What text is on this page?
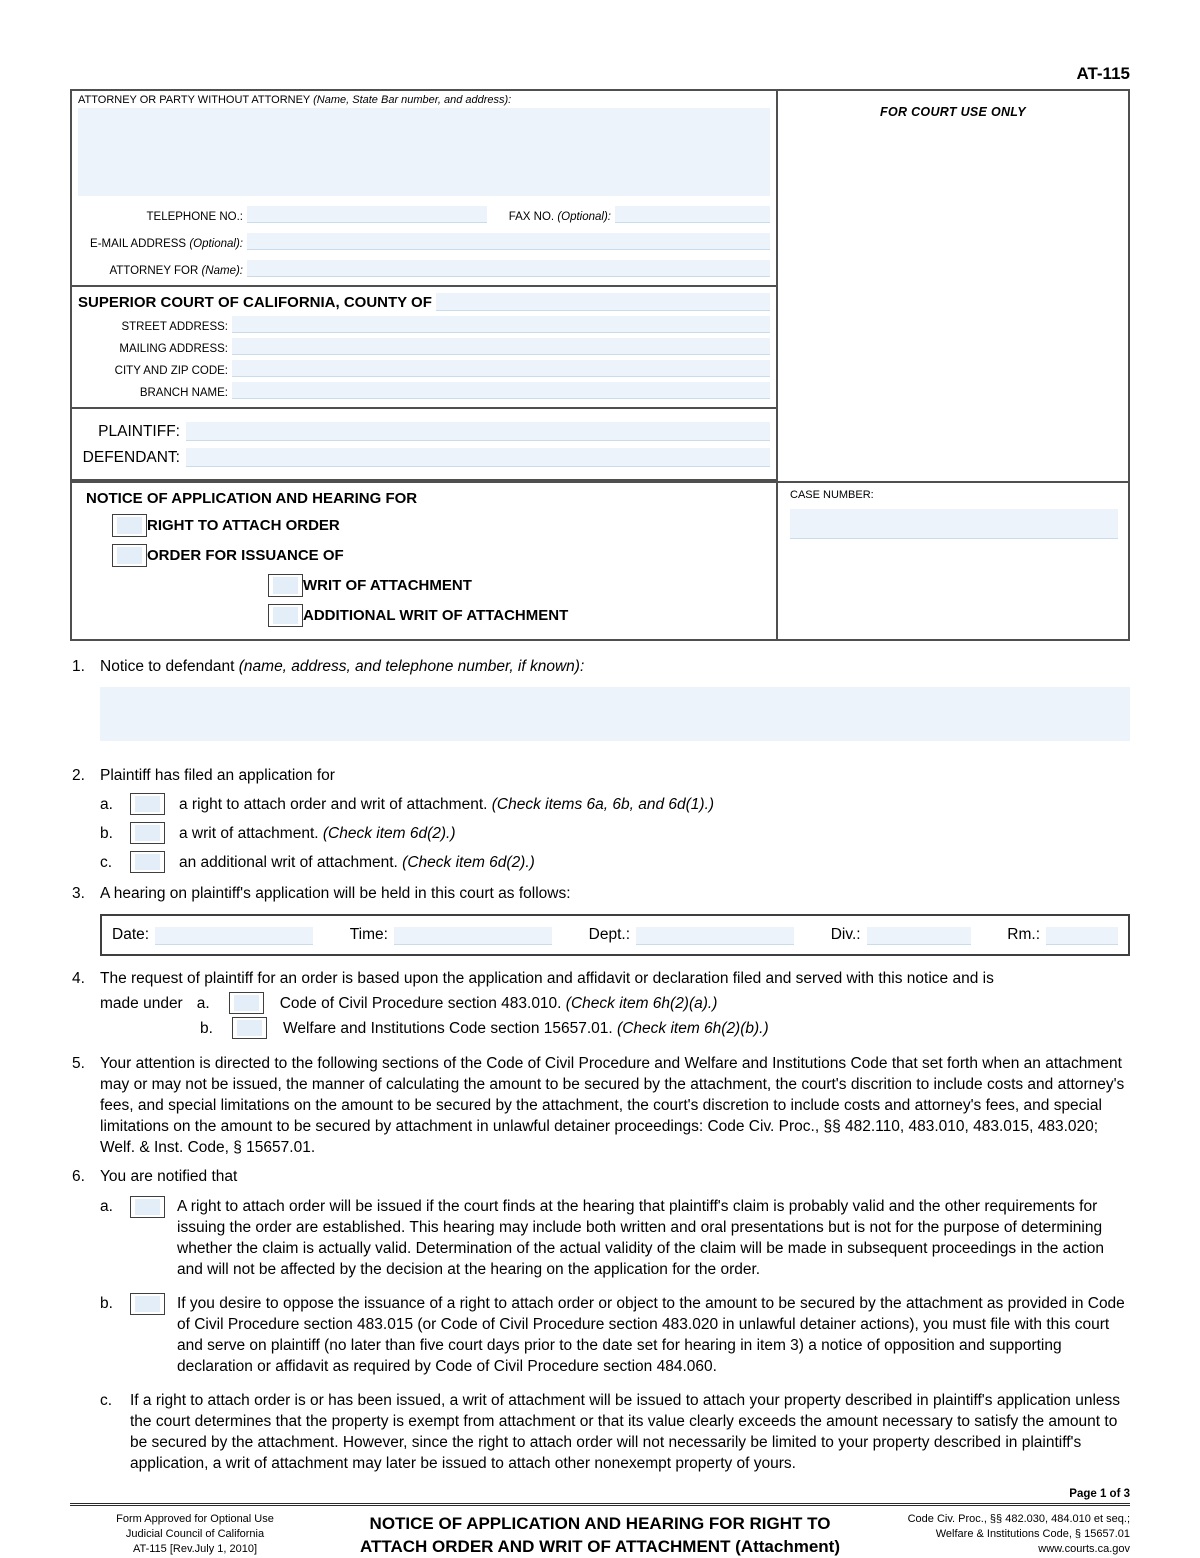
AT-115
ATTORNEY OR PARTY WITHOUT ATTORNEY (Name, State Bar number, and address):
TELEPHONE NO.:	FAX NO. (Optional):
E-MAIL ADDRESS (Optional):
ATTORNEY FOR (Name):
SUPERIOR COURT OF CALIFORNIA, COUNTY OF
STREET ADDRESS:
MAILING ADDRESS:
CITY AND ZIP CODE:
BRANCH NAME:
PLAINTIFF:
DEFENDANT:
FOR COURT USE ONLY
NOTICE OF APPLICATION AND HEARING FOR
RIGHT TO ATTACH ORDER
ORDER FOR ISSUANCE OF
WRIT OF ATTACHMENT
ADDITIONAL WRIT OF ATTACHMENT
CASE NUMBER:
1. Notice to defendant (name, address, and telephone number, if known):
2. Plaintiff has filed an application for
a.	a right to attach order and writ of attachment. (Check items 6a, 6b, and 6d(1).)
b.	a writ of attachment. (Check item 6d(2).)
c.	an additional writ of attachment. (Check item 6d(2).)
3. A hearing on plaintiff's application will be held in this court as follows:
Date:	Time:	Dept.:	Div.:	Rm.:
4. The request of plaintiff for an order is based upon the application and affidavit or declaration filed and served with this notice and is
made under a.	Code of Civil Procedure section 483.010. (Check item 6h(2)(a).)
b.	Welfare and Institutions Code section 15657.01. (Check item 6h(2)(b).)
5. Your attention is directed to the following sections of the Code of Civil Procedure and Welfare and Institutions Code that set forth when an attachment may or may not be issued, the manner of calculating the amount to be secured by the attachment, the court's discrition to include costs and attorney's fees, and special limitations on the amount to be secured by the attachment, the court's discretion to include costs and attorney's fees, and special limitations on the amount to be secured by attachment in unlawful detainer proceedings: Code Civ. Proc., §§ 482.110, 483.010, 483.015, 483.020; Welf. & Inst. Code, § 15657.01.
6. You are notified that
a.	A right to attach order will be issued if the court finds at the hearing that plaintiff's claim is probably valid and the other requirements for issuing the order are established. This hearing may include both written and oral presentations but is not for the purpose of determining whether the claim is actually valid. Determination of the actual validity of the claim will be made in subsequent proceedings in the action and will not be affected by the decision at the hearing on the application for the order.
b.	If you desire to oppose the issuance of a right to attach order or object to the amount to be secured by the attachment as provided in Code of Civil Procedure section 483.015 (or Code of Civil Procedure section 483.020 in unlawful detainer actions), you must file with this court and serve on plaintiff (no later than five court days prior to the date set for hearing in item 3) a notice of opposition and supporting declaration or affidavit as required by Code of Civil Procedure section 484.060.
c.	If a right to attach order is or has been issued, a writ of attachment will be issued to attach your property described in plaintiff's application unless the court determines that the property is exempt from attachment or that its value clearly exceeds the amount necessary to satisfy the amount to be secured by the attachment. However, since the right to attach order will not necessarily be limited to your property described in plaintiff's application, a writ of attachment may later be issued to attach other nonexempt property of yours.
Page 1 of 3
Form Approved for Optional Use
Judicial Council of California
AT-115 [Rev.July 1, 2010]
NOTICE OF APPLICATION AND HEARING FOR RIGHT TO
ATTACH ORDER AND WRIT OF ATTACHMENT (Attachment)
Code Civ. Proc., §§ 482.030, 484.010 et seq.;
Welfare & Institutions Code, § 15657.01
www.courts.ca.gov
